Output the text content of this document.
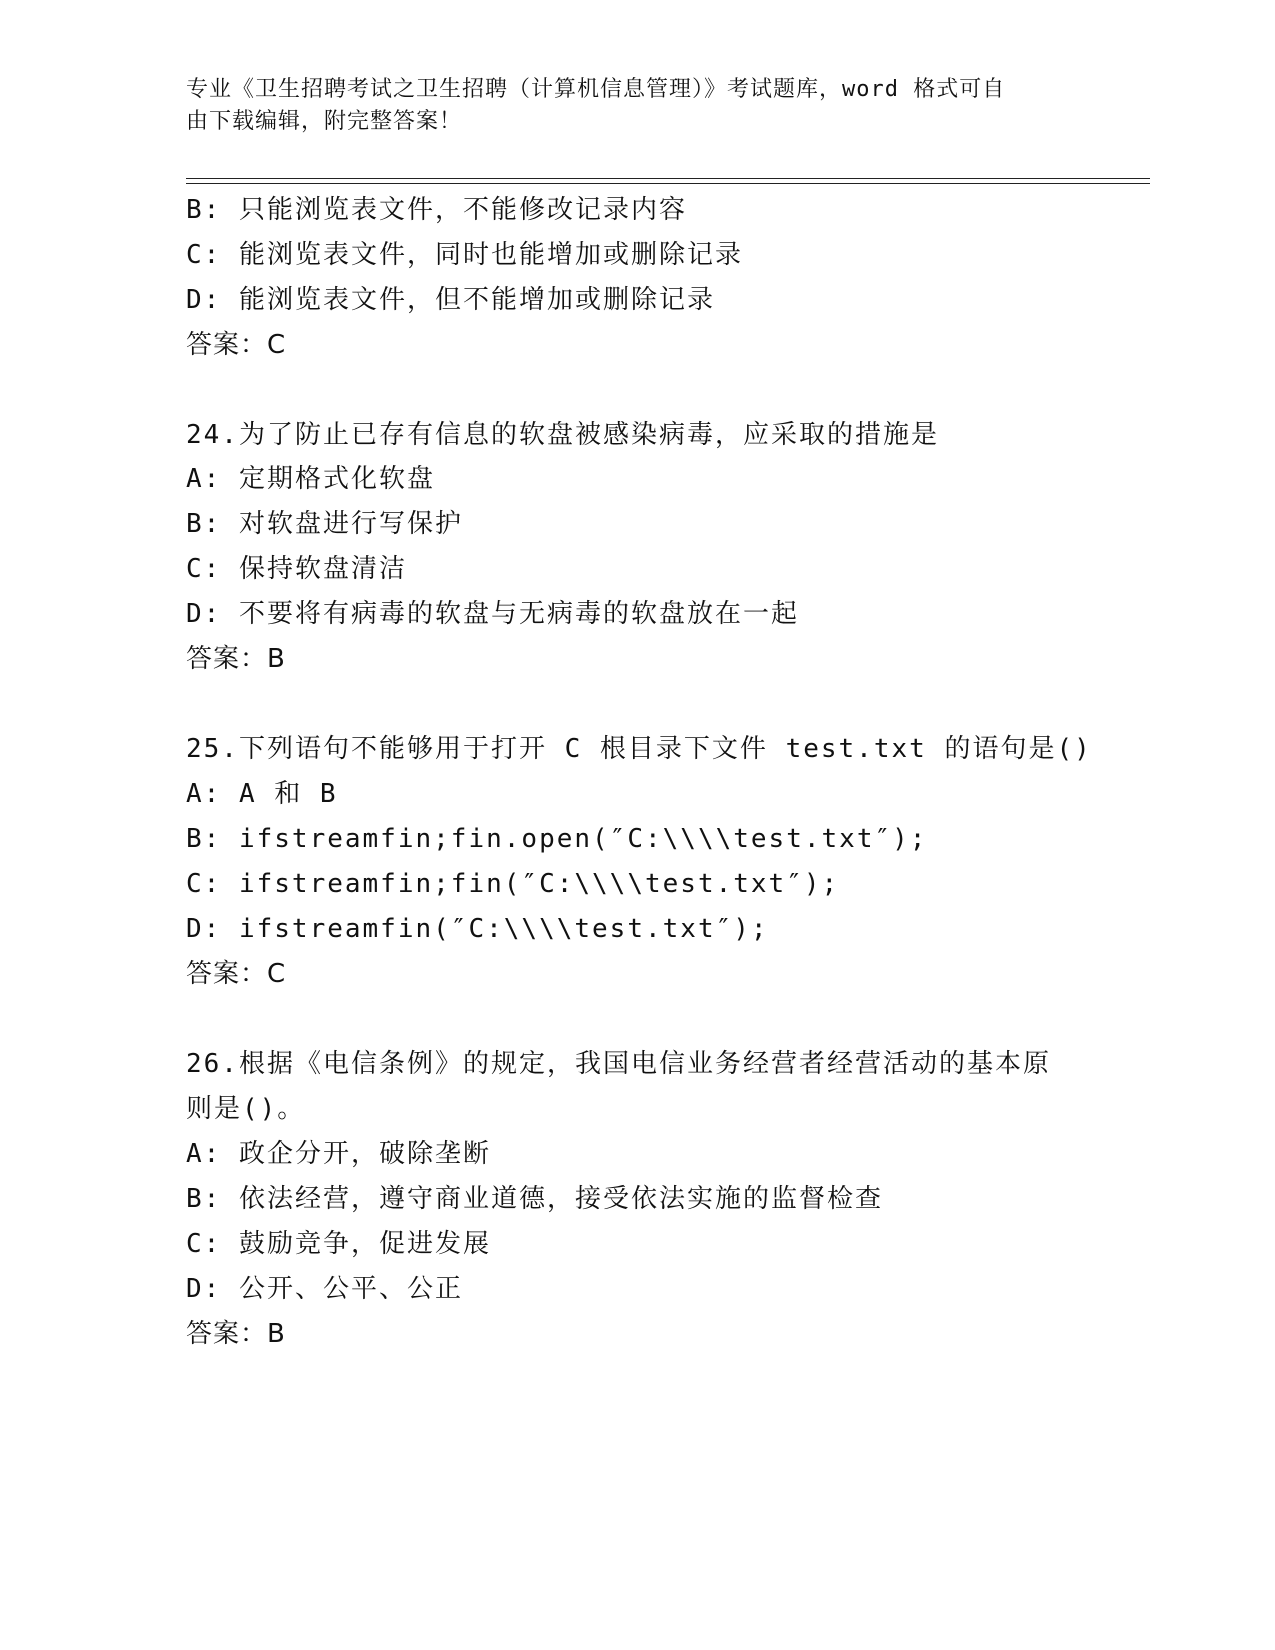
专业《卫生招聘考试之卫生招聘（计算机信息管理）》考试题库，word 格式可自
由下载编辑，附完整答案！
B: 只能浏览表文件，不能修改记录内容
C: 能浏览表文件，同时也能增加或删除记录
D: 能浏览表文件，但不能增加或删除记录
答案：C
24.为了防止已存有信息的软盘被感染病毒，应采取的措施是
A: 定期格式化软盘
B: 对软盘进行写保护
C: 保持软盘清洁
D: 不要将有病毒的软盘与无病毒的软盘放在一起
答案：B
25.下列语句不能够用于打开 C 根目录下文件 test.txt 的语句是()
A: A 和 B
B: ifstreamfin;fin.open(″C:\\\\test.txt″);
C: ifstreamfin;fin(″C:\\\\test.txt″);
D: ifstreamfin(″C:\\\\test.txt″);
答案：C
26.根据《电信条例》的规定，我国电信业务经营者经营活动的基本原
则是()。
A: 政企分开，破除垄断
B: 依法经营，遵守商业道德，接受依法实施的监督检查
C: 鼓励竞争，促进发展
D: 公开、公平、公正
答案：B
